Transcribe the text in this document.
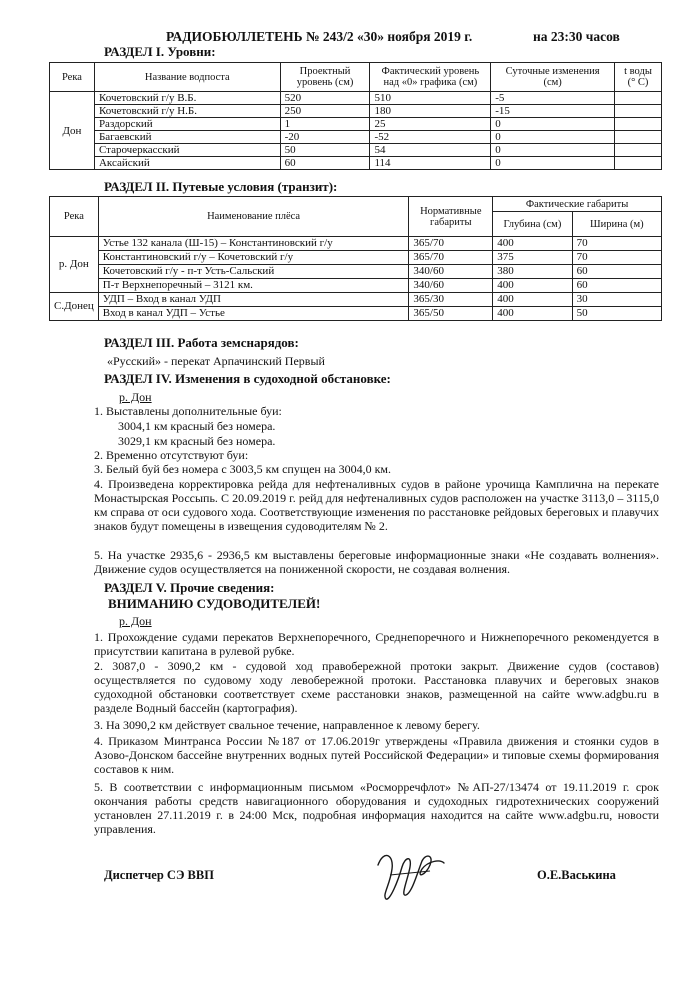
РАДИОБЮЛЛЕТЕНЬ № 243/2 «30» ноября 2019 г.	на 23:30 часов
РАЗДЕЛ I. Уровни:
Река	Название водпоста	Проектный уровень (см)	Фактический уровень над «0» графика (см)	Суточные изменения (см)	t воды (° С)
Дон	Кочетовский г/у В.Б.	520	510	-5	
	Кочетовский г/у Н.Б.	250	180	-15	
	Раздорский	1	25	0	
	Багаевский	-20	-52	0	
	Старочеркасский	50	54	0	
	Аксайский	60	114	0	
РАЗДЕЛ II. Путевые условия (транзит):
Река	Наименование плёса	Нормативные габариты	Фактические габариты	
			Глубина (см)	Ширина (м)
р. Дон	Устье 132 канала (Ш-15) – Константиновский г/у	365/70	400	70
	Константиновский г/у – Кочетовский г/у	365/70	375	70
	Кочетовский г/у - п-т Усть-Сальский	340/60	380	60
	П-т Верхнепоречный – 3121 км.	340/60	400	60
С.Донец	УДП – Вход в канал УДП	365/30	400	30
	Вход в канал УДП – Устье	365/50	400	50
РАЗДЕЛ III. Работа земснарядов:
«Русский» - перекат Арпачинский Первый
РАЗДЕЛ IV. Изменения в судоходной обстановке:
р. Дон
1. Выставлены дополнительные буи:
3004,1 км красный без номера.
3029,1 км красный без номера.
2. Временно отсутствуют буи:
3. Белый буй без номера с 3003,5 км спущен на 3004,0 км.
4. Произведена корректировка рейда для нефтеналивных судов в районе урочища Камплична на перекате Монастырская Россыпь. С 20.09.2019 г. рейд для нефтеналивных судов расположен на участке 3113,0 – 3115,0 км справа от оси судового хода. Соответствующие изменения по расстановке рейдовых береговых и плавучих знаков будут помещены в извещения судоводителям № 2.
5. На участке 2935,6 - 2936,5 км выставлены береговые информационные знаки «Не создавать волнения». Движение судов осуществляется на пониженной скорости, не создавая волнения.
РАЗДЕЛ V. Прочие сведения:
ВНИМАНИЮ СУДОВОДИТЕЛЕЙ!
р. Дон
1. Прохождение судами перекатов Верхнепоречного, Среднепоречного и Нижнепоречного рекомендуется в присутствии капитана в рулевой рубке.
2. 3087,0 - 3090,2 км - судовой ход правобережной протоки закрыт. Движение судов (составов) осуществляется по судовому ходу левобережной протоки. Расстановка плавучих и береговых знаков судоходной обстановки соответствует схеме расстановки знаков, размещенной на сайте www.adgbu.ru в разделе Водный бассейн (картография).
3. На 3090,2 км действует свальное течение, направленное к левому берегу.
4. Приказом Минтранса России №187 от 17.06.2019г утверждены «Правила движения и стоянки судов в Азово-Донском бассейне внутренних водных путей Российской Федерации» и типовые схемы формирования составов к ним.
5. В соответствии с информационным письмом «Росморречфлот» №АП-27/13474 от 19.11.2019 г. срок окончания работы средств навигационного оборудования и судоходных гидротехнических сооружений установлен 27.11.2019 г. в 24:00 Мск, подробная информация находится на сайте www.adgbu.ru, новости управления.
Диспетчер СЭ ВВП	О.Е.Васькина
